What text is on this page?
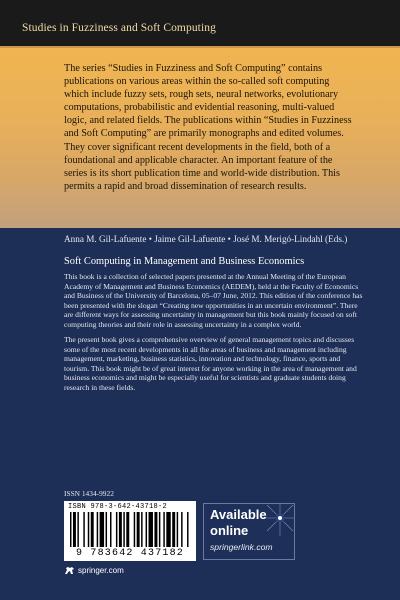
Studies in Fuzziness and Soft Computing

The series “Studies in Fuzziness and Soft Computing” contains publications on various areas within the so-called soft computing which include fuzzy sets, rough sets, neural networks, evolutionary computations, probabilistic and evidential reasoning, multi-valued logic, and related fields. The publications within “Studies in Fuzziness and Soft Computing” are primarily monographs and edited volumes. They cover significant recent developments in the field, both of a foundational and applicable character. An important feature of the series is its short publication time and world-wide distribution. This permits a rapid and broad dissemination of research results.

Anna M. Gil-Lafuente • Jaime Gil-Lafuente • José M. Merigó-Lindahl (Eds.)
Soft Computing in Management and Business Economics

This book is a collection of selected papers presented at the Annual Meeting of the European Academy of Management and Business Economics (AEDEM), held at the Faculty of Economics and Business of the University of Barcelona, 05–07 June, 2012. This edition of the conference has been presented with the slogan “Creating new opportunities in an uncertain environment”. There are different ways for assessing uncertainty in management but this book mainly focused on soft computing theories and their role in assessing uncertainty in a complex world.

The present book gives a comprehensive overview of general management topics and discusses some of the most recent developments in all the areas of business and management including management, marketing, business statistics, innovation and technology, finance, sports and tourism. This book might be of great interest for anyone working in the area of management and business economics and might be especially useful for scientists and graduate students doing research in these fields.

ISSN 1434-9922
ISBN 978-3-642-43718-2
9 783642 437182
Available
online
springerlink.com
springer.com
